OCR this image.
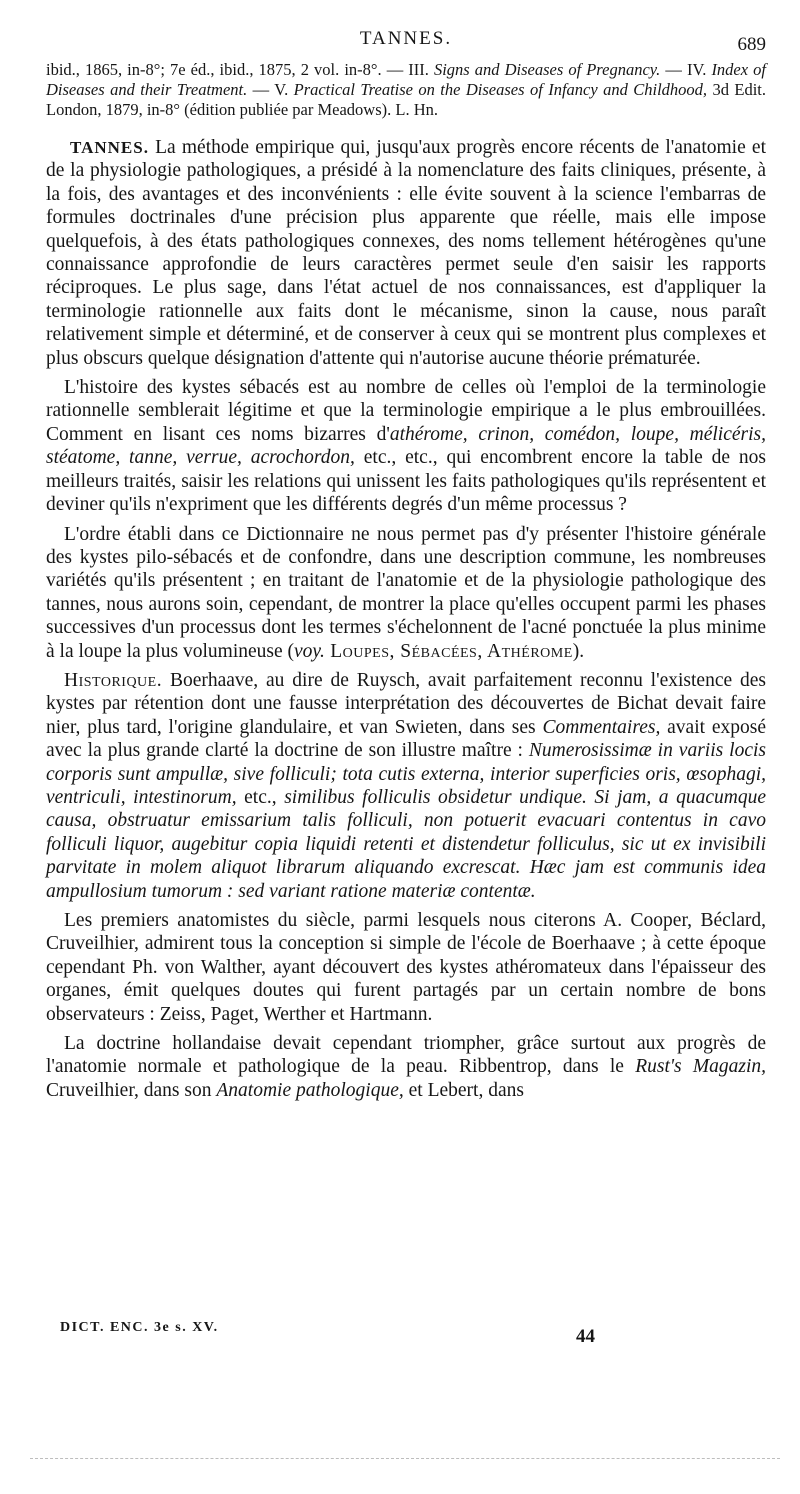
TANNES.	689
ibid., 1865, in-8°; 7e éd., ibid., 1875, 2 vol. in-8°. — III. Signs and Diseases of Pregnancy. — IV. Index of Diseases and their Treatment. — V. Practical Treatise on the Diseases of Infancy and Childhood, 3d Edit. London, 1879, in-8° (édition publiée par Meadows). L. Hn.

TANNES. La méthode empirique qui, jusqu'aux progrès encore récents de l'anatomie et de la physiologie pathologiques, a présidé à la nomenclature des faits cliniques, présente, à la fois, des avantages et des inconvénients : elle évite souvent à la science l'embarras de formules doctrinales d'une précision plus apparente que réelle, mais elle impose quelquefois, à des états pathologiques connexes, des noms tellement hétérogènes qu'une connaissance approfondie de leurs caractères permet seule d'en saisir les rapports réciproques. Le plus sage, dans l'état actuel de nos connaissances, est d'appliquer la terminologie rationnelle aux faits dont le mécanisme, sinon la cause, nous paraît relativement simple et déterminé, et de conserver à ceux qui se montrent plus complexes et plus obscurs quelque désignation d'attente qui n'autorise aucune théorie prématurée.

L'histoire des kystes sébacés est au nombre de celles où l'emploi de la terminologie rationnelle semblerait légitime et que la terminologie empirique a le plus embrouillées. Comment en lisant ces noms bizarres d'athérome, crinon, comédon, loupe, mélicéris, stéatome, tanne, verrue, acrochordon, etc., etc., qui encombrent encore la table de nos meilleurs traités, saisir les relations qui unissent les faits pathologiques qu'ils représentent et deviner qu'ils n'expriment que les différents degrés d'un même processus ?

L'ordre établi dans ce Dictionnaire ne nous permet pas d'y présenter l'histoire générale des kystes pilo-sébacés et de confondre, dans une description commune, les nombreuses variétés qu'ils présentent ; en traitant de l'anatomie et de la physiologie pathologique des tannes, nous aurons soin, cependant, de montrer la place qu'elles occupent parmi les phases successives d'un processus dont les termes s'échelonnent de l'acné ponctuée la plus minime à la loupe la plus volumineuse (voy. Loupes, Sébacées, Athérome).

Historique. Boerhaave, au dire de Ruysch, avait parfaitement reconnu l'existence des kystes par rétention dont une fausse interprétation des découvertes de Bichat devait faire nier, plus tard, l'origine glandulaire, et van Swieten, dans ses Commentaires, avait exposé avec la plus grande clarté la doctrine de son illustre maître : Numerosissimæ in variis locis corporis sunt ampullæ, sive folliculi; tota cutis externa, interior superficies oris, œsophagi, ventriculi, intestinorum, etc., similibus folliculis obsidetur undique. Si jam, a quacumque causa, obstruatur emissarium talis folliculi, non potuerit evacuari contentus in cavo folliculi liquor, augebitur copia liquidi retenti et distendetur folliculus, sic ut ex invisibili parvitate in molem aliquot librarum aliquando excrescat. Hæc jam est communis idea ampullosium tumorum : sed variant ratione materiæ contentæ.

Les premiers anatomistes du siècle, parmi lesquels nous citerons A. Cooper, Béclard, Cruveilhier, admirent tous la conception si simple de l'école de Boerhaave ; à cette époque cependant Ph. von Walther, ayant découvert des kystes athéromateux dans l'épaisseur des organes, émit quelques doutes qui furent partagés par un certain nombre de bons observateurs : Zeiss, Paget, Werther et Hartmann.

La doctrine hollandaise devait cependant triompher, grâce surtout aux progrès de l'anatomie normale et pathologique de la peau. Ribbentrop, dans le Rust's Magazin, Cruveilhier, dans son Anatomie pathologique, et Lebert, dans

DICT. ENC. 3e s. XV.	44
